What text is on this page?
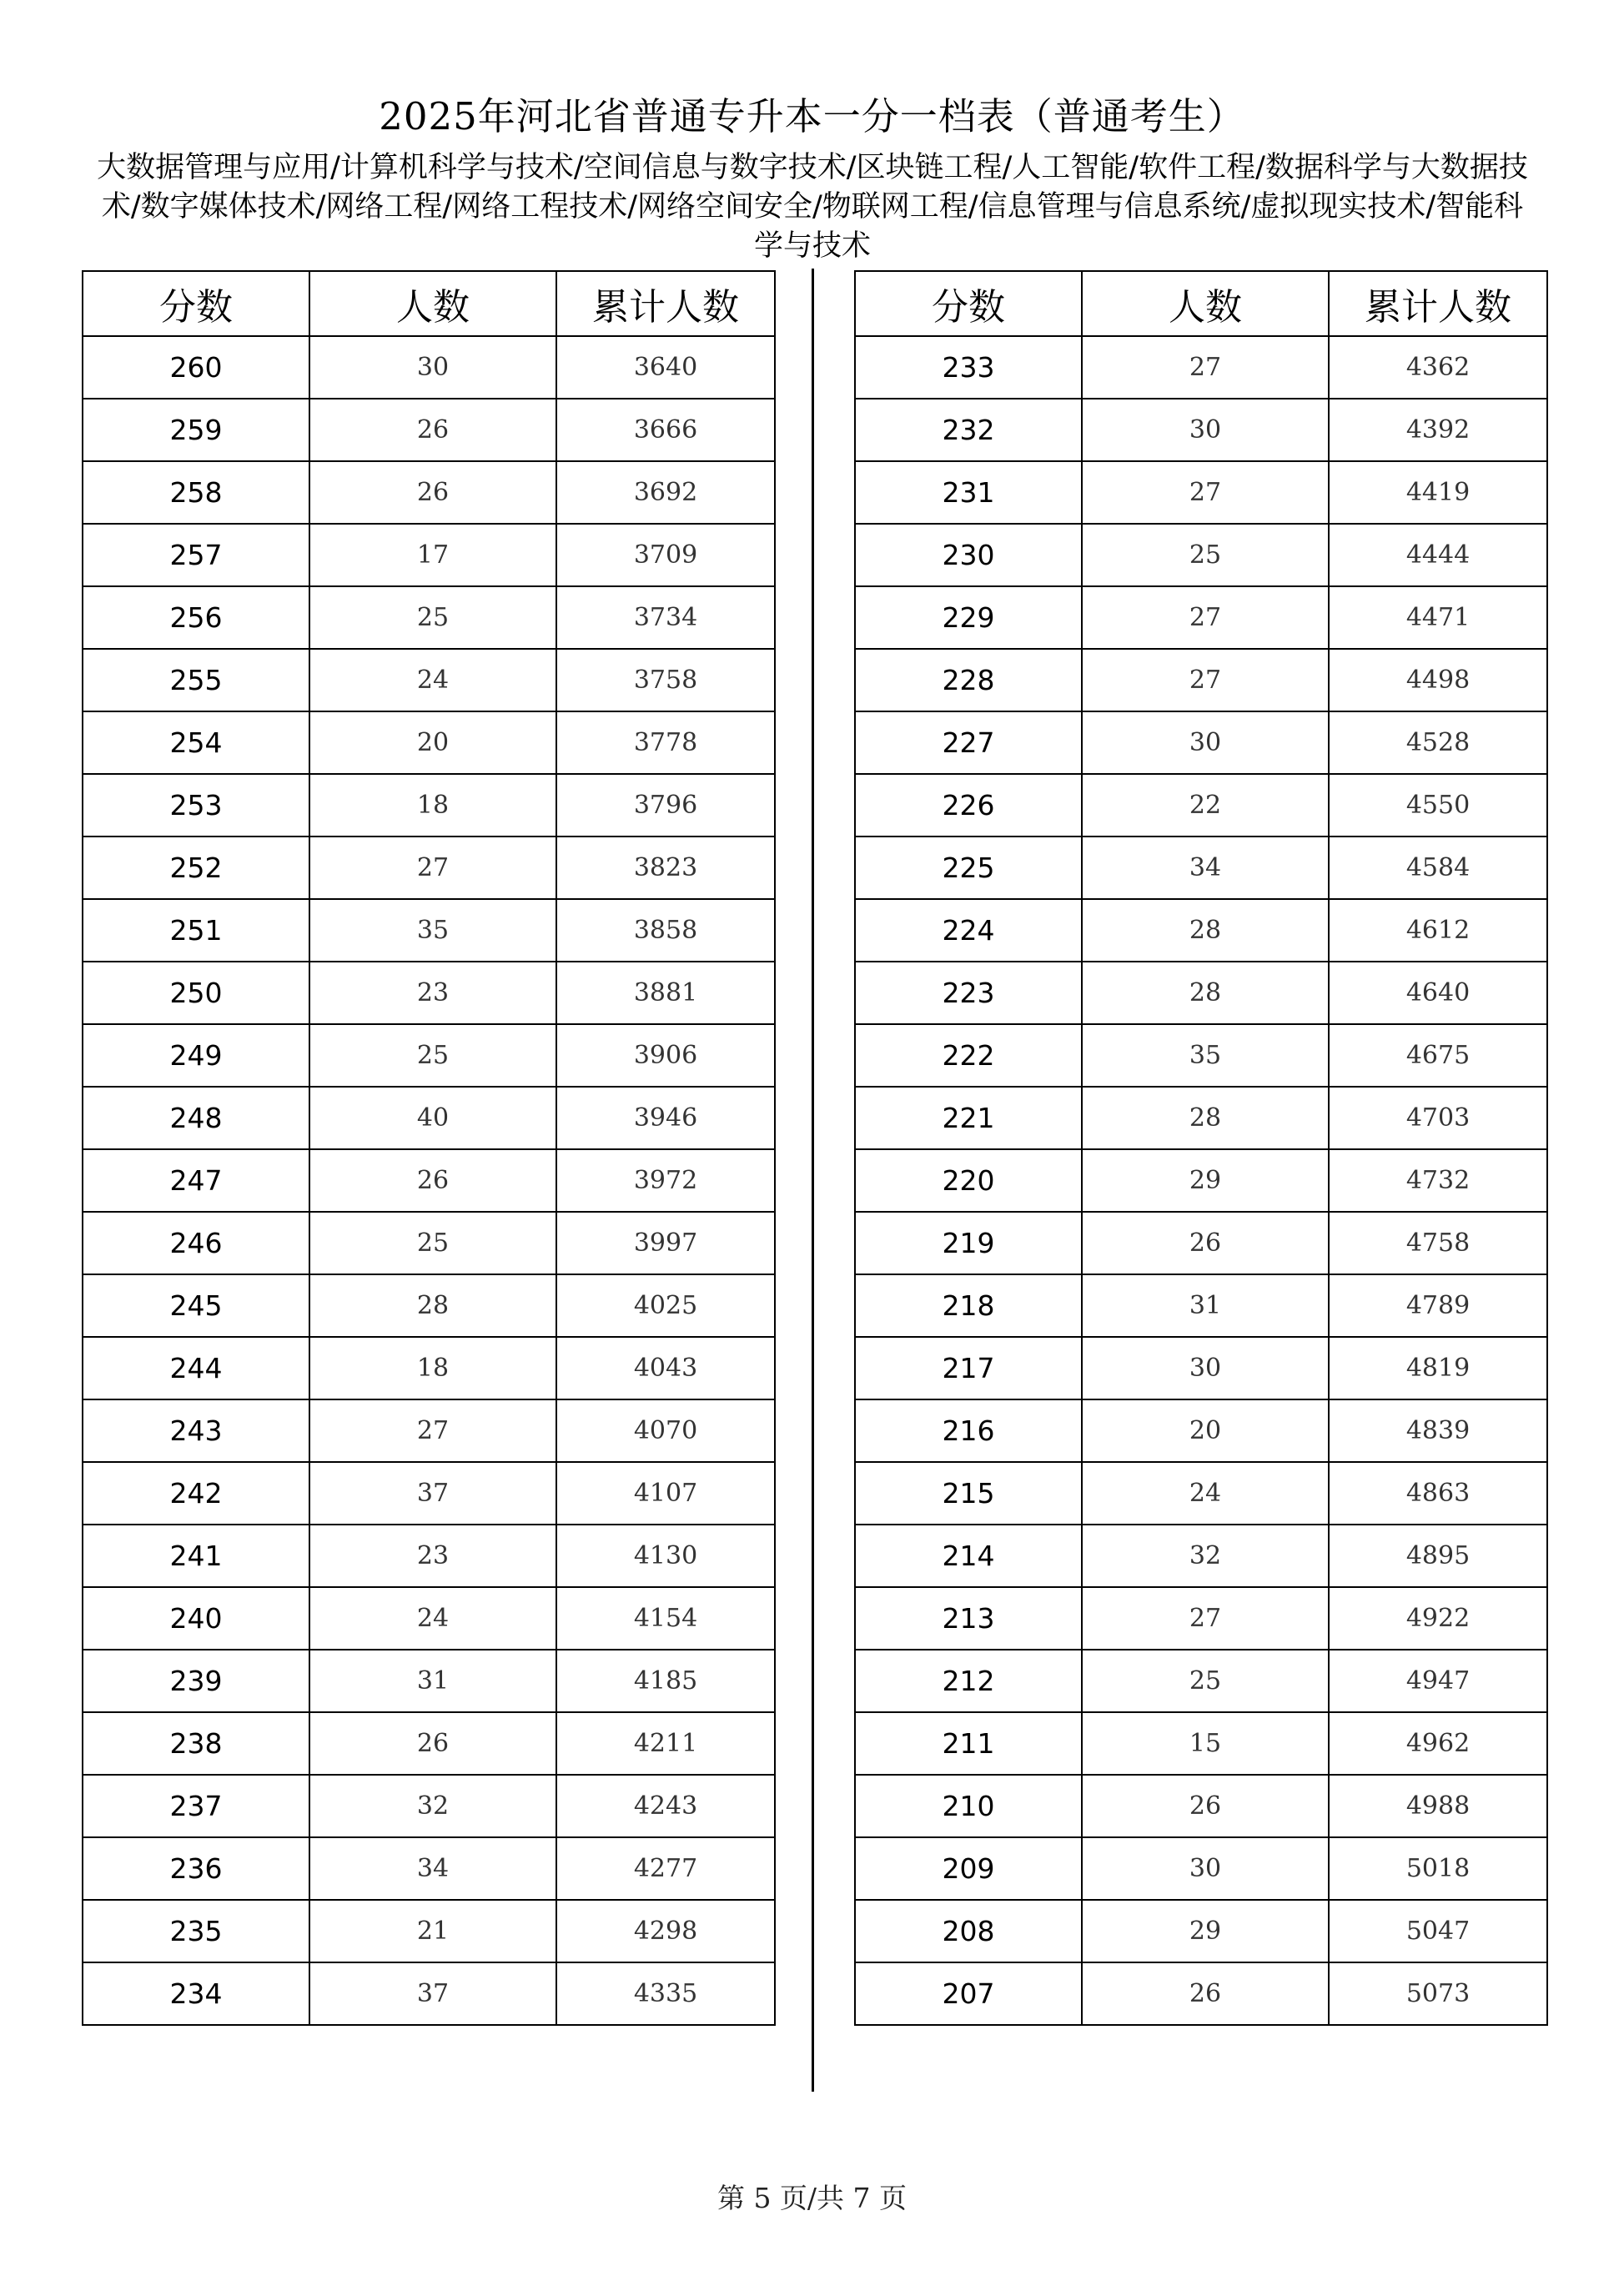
2025年河北省普通专升本一分一档表（普通考生）
大数据管理与应用/计算机科学与技术/空间信息与数字技术/区块链工程/人工智能/软件工程/数据科学与大数据技术/数字媒体技术/网络工程/网络工程技术/网络空间安全/物联网工程/信息管理与信息系统/虚拟现实技术/智能科学与技术
分数	人数	累计人数
260	30	3640
259	26	3666
258	26	3692
257	17	3709
256	25	3734
255	24	3758
254	20	3778
253	18	3796
252	27	3823
251	35	3858
250	23	3881
249	25	3906
248	40	3946
247	26	3972
246	25	3997
245	28	4025
244	18	4043
243	27	4070
242	37	4107
241	23	4130
240	24	4154
239	31	4185
238	26	4211
237	32	4243
236	34	4277
235	21	4298
234	37	4335
分数	人数	累计人数
233	27	4362
232	30	4392
231	27	4419
230	25	4444
229	27	4471
228	27	4498
227	30	4528
226	22	4550
225	34	4584
224	28	4612
223	28	4640
222	35	4675
221	28	4703
220	29	4732
219	26	4758
218	31	4789
217	30	4819
216	20	4839
215	24	4863
214	32	4895
213	27	4922
212	25	4947
211	15	4962
210	26	4988
209	30	5018
208	29	5047
207	26	5073
第 5 页/共 7 页
